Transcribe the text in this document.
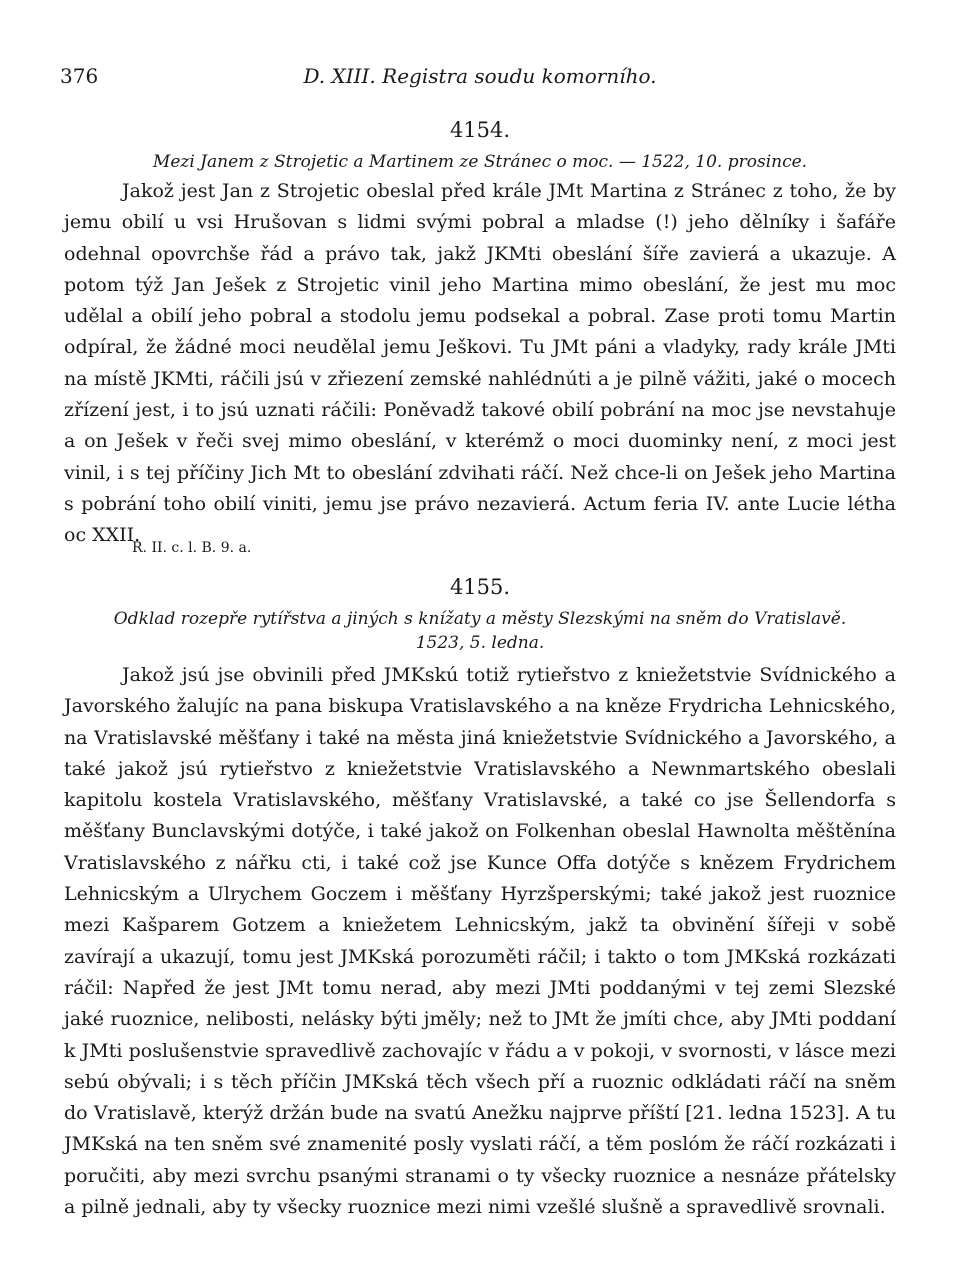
376	D. XIII. Registra soudu komorního.
4154.
Mezi Janem z Strojetic a Martinem ze Stránec o moc. — 1522, 10. prosince.

Jakož jest Jan z Strojetic obeslal před krále JMt Martina z Stránec z toho, že by jemu obilí u vsi Hrušovan s lidmi svými pobral a mladse (!) jeho dělníky i šafáře odehnal opovrchše řád a právo tak, jakž JKMti obeslání šíře zavierá a ukazuje. A potom týž Jan Ješek z Strojetic vinil jeho Martina mimo obeslání, že jest mu moc udělal a obilí jeho pobral a stodolu jemu podsekal a pobral. Zase proti tomu Martin odpíral, že žádné moci neudělal jemu Ješkovi. Tu JMt páni a vladyky, rady krále JMti na místě JKMti, ráčili jsú v zřiezení zemské nahlédnúti a je pilně vážiti, jaké o mocech zřízení jest, i to jsú uznati ráčili: Poněvadž takové obilí pobrání na moc jse nevstahuje a on Ješek v řeči svej mimo obeslání, v kterémž o moci duominky není, z moci jest vinil, i s tej příčiny Jich Mt to obeslání zdvihati ráčí. Než chce-li on Ješek jeho Martina s pobrání toho obilí viniti, jemu jse právo nezavierá. Actum feria IV. ante Lucie létha oc XXII.

R. II. c. l. B. 9. a.
4155.
Odklad rozepře rytířstva a jiných s knížaty a městy Slezskými na sněm do Vratislavě.
1523, 5. ledna.

Jakož jsú jse obvinili před JMKskú totiž rytieřstvo z kniežetstvie Svídnického a Javorského žalujíc na pana biskupa Vratislavského a na kněze Frydricha Lehnicského, na Vratislavské měšťany i také na města jiná kniežetstvie Svídnického a Javorského, a také jakož jsú rytieřstvo z kniežetstvie Vratislavského a Newnmartského obeslali kapitolu kostela Vratislavského, měšťany Vratislavské, a také co jse Šellendorfa s měšťany Bunclavskými dotýče, i také jakož on Folkenhan obeslal Hawnolta měštěnína Vratislavského z nářku cti, i také což jse Kunce Offa dotýče s knězem Frydrichem Lehnicským a Ulrychem Goczem i měšťany Hyrzšperskými; také jakož jest ruoznice mezi Kašparem Gotzem a kniežetem Lehnicským, jakž ta obvinění šířeji v sobě zavírají a ukazují, tomu jest JMKská porozuměti ráčil; i takto o tom JMKská rozkázati ráčil: Napřed že jest JMt tomu nerad, aby mezi JMti poddanými v tej zemi Slezské jaké ruoznice, nelibosti, nelásky býti jměly; než to JMt že jmíti chce, aby JMti poddaní k JMti poslušenstvie spravedlivě zachovajíc v řádu a v pokoji, v svornosti, v lásce mezi sebú obývali; i s těch příčin JMKská těch všech pří a ruoznic odkládati ráčí na sněm do Vratislavě, kterýž držán bude na svatú Anežku najprve příští [21. ledna 1523]. A tu JMKská na ten sněm své znamenité posly vyslati ráčí, a těm poslóm že ráčí rozkázati i poručiti, aby mezi svrchu psanými stranami o ty všecky ruoznice a nesnáze přátelsky a pilně jednali, aby ty všecky ruoznice mezi nimi vzešlé slušně a spravedlivě srovnali.
